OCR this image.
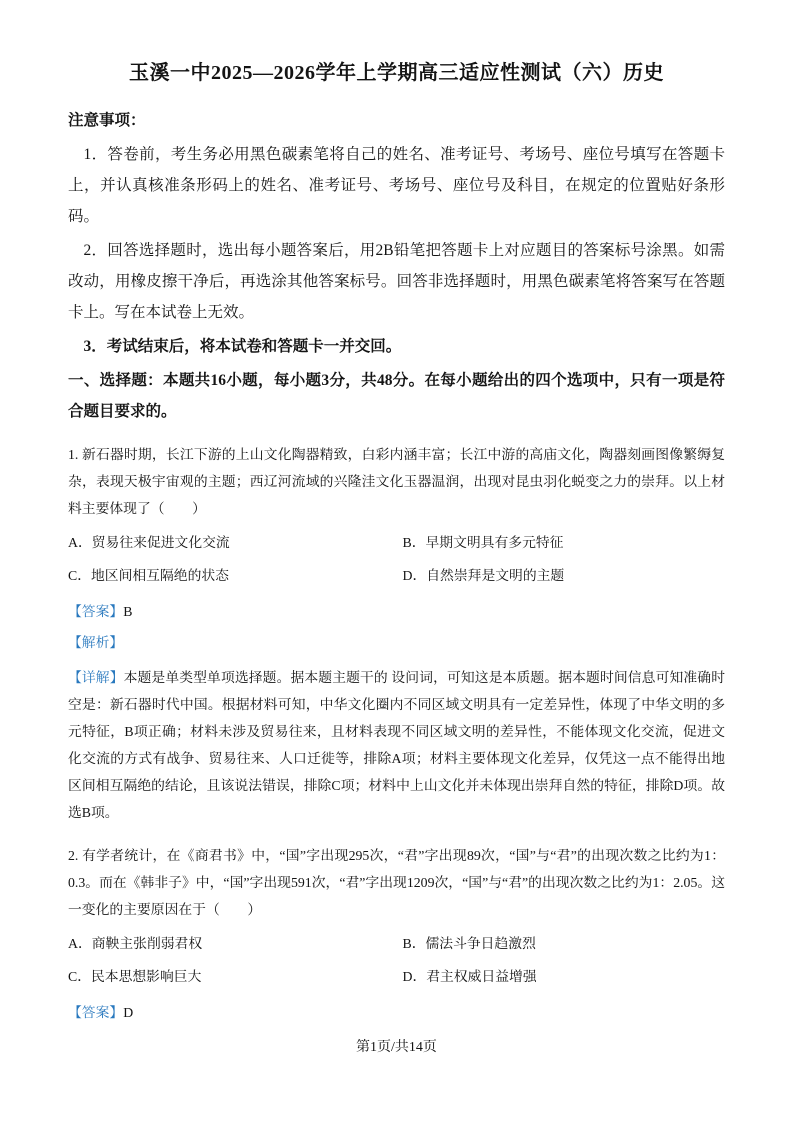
玉溪一中2025—2026学年上学期高三适应性测试（六）历史

注意事项：

1．答卷前，考生务必用黑色碳素笔将自己的姓名、准考证号、考场号、座位号填写在答题卡上，并认真核准条形码上的姓名、准考证号、考场号、座位号及科目，在规定的位置贴好条形码。

2．回答选择题时，选出每小题答案后，用2B铅笔把答题卡上对应题目的答案标号涂黑。如需改动，用橡皮擦干净后，再选涂其他答案标号。回答非选择题时，用黑色碳素笔将答案写在答题卡上。写在本试卷上无效。

3．考试结束后，将本试卷和答题卡一并交回。

一、选择题：本题共16小题，每小题3分，共48分。在每小题给出的四个选项中，只有一项是符合题目要求的。

1. 新石器时期，长江下游的上山文化陶器精致，白彩内涵丰富；长江中游的高庙文化，陶器刻画图像繁缛复杂，表现天极宇宙观的主题；西辽河流域的兴隆洼文化玉器温润，出现对昆虫羽化蜕变之力的崇拜。以上材料主要体现了（　　）

A．贸易往来促进文化交流	B．早期文明具有多元特征
C．地区间相互隔绝的状态	D．自然崇拜是文明的主题

【答案】B

【解析】

【详解】本题是单类型单项选择题。据本题主题干的 设问词，可知这是本质题。据本题时间信息可知准确时空是：新石器时代中国。根据材料可知，中华文化圈内不同区域文明具有一定差异性，体现了中华文明的多元特征，B项正确；材料未涉及贸易往来，且材料表现不同区域文明的差异性，不能体现文化交流，促进文化交流的方式有战争、贸易往来、人口迁徙等，排除A项；材料主要体现文化差异，仅凭这一点不能得出地区间相互隔绝的结论，且该说法错误，排除C项；材料中上山文化并未体现出崇拜自然的特征，排除D项。故选B项。

2. 有学者统计，在《商君书》中，“国”字出现295次，“君”字出现89次，“国”与“君”的出现次数之比约为1：0.3。而在《韩非子》中，“国”字出现591次，“君”字出现1209次，“国”与“君”的出现次数之比约为1：2.05。这一变化的主要原因在于（　　）

A．商鞅主张削弱君权	B．儒法斗争日趋激烈
C．民本思想影响巨大	D．君主权威日益增强

【答案】D

第1页/共14页
